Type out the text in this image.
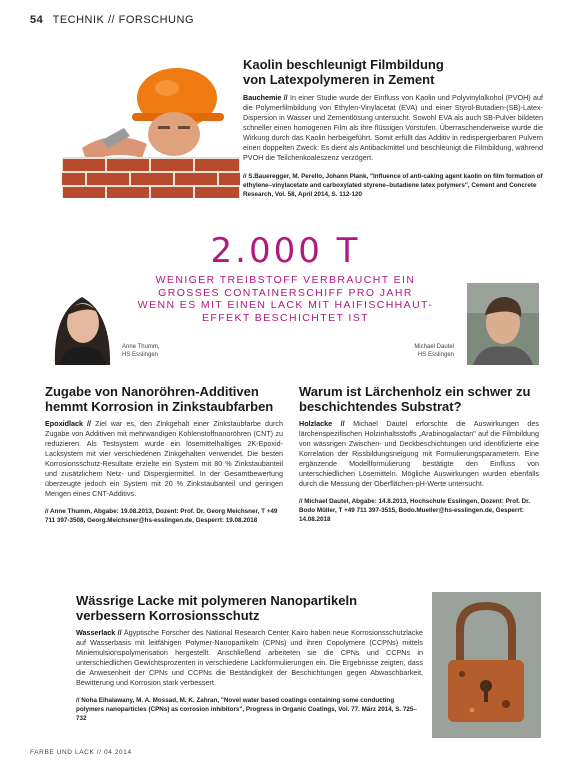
54 TECHNIK // FORSCHUNG
Kaolin beschleunigt Filmbildung
von Latexpolymeren in Zement

Bauchemie // In einer Studie wurde der Einfluss von Kaolin und Polyvinylalkohol (PVOH) auf die Polymerfilmbildung von Ethylen-Vinylacetat (EVA) und einer Styrol-Butadien-(SB)-Latex-Dispersion in Wasser und Zementlösung untersucht. Sowohl EVA als auch SB-Pulver bildeten schneller einen homogenen Film als ihre flüssigen Vorstufen. Überraschenderweise wurde die Wirkung durch das Kaolin herbeigeführt. Somit erfüllt das Additiv in redispergierbaren Pulvern einen doppelten Zweck: Es dient als Antibackmittel und beschleunigt die Filmbildung, während PVOH die Teilchenkoaleszenz verzögert.

// S.Baueregger, M. Perello, Johann Plank, "Influence of anti-caking agent kaolin on film formation of ethylene–vinylacetate and carboxylated styrene–butadiene latex polymers", Cement and Concrete Research, Vol. 58, April 2014, S. 112-120

2.000 T
WENIGER TREIBSTOFF VERBRAUCHT EIN
GROSSES CONTAINERSCHIFF PRO JAHR
WENN ES MIT EINEN LACK MIT HAIFISCHHAUT-
EFFEKT BESCHICHTET IST
Anne Thumm,
HS Esslingen
Michael Dautel
HS Esslingen
Zugabe von Nanoröhren-Additiven
hemmt Korrosion in Zinkstaubfarben

Epoxidlack // Ziel war es, den Zinkgehalt einer Zinkstaubfarbe durch Zugabe von Additiven mit mehrwandigen Kohlenstoffnanoröhren (CNT) zu reduzieren. Als Testsystem wurde ein lösemittelhaltiges 2K-Epoxid-Lacksystem mit vier verschiedenen Zinkgehalten verwendet. Die besten Korrosionsschutz-Resultate erzielte ein System mit 80 % Zinkstaubanteil und zusätzlichem Netz- und Dispergiermittel. In der Gesamtbewertung überzeugte jedoch ein System mit 20 % Zinkstaubanteil und geringen Mengen eines CNT-Additivs.

// Anne Thumm, Abgabe: 19.08.2013, Dozent: Prof. Dr. Georg Meichsner, T +49 711 397-3508, Georg.Meichsner@hs-esslingen.de, Gesperrt: 19.08.2018

Warum ist Lärchenholz ein schwer zu
beschichtendes Substrat?

Holzlacke // Michael Dautel erforschte die Auswirkungen des lärchenspezifischen Holzinhaltsstoffs „Arabinogalactan" auf die Filmbildung von wässrigen Zwischen- und Deckbeschichtungen und identifizierte eine Korrelation der Rissbildungsneigung mit Formulierungsparametern. Eine ergänzende Modellformulierung bestätigte den Einfluss von unterschiedlichen Lösemitteln. Mögliche Auswirkungen wurden ebenfalls durch die Messung der Oberflächen-pH-Werte untersucht.

// Michael Dautel, Abgabe: 14.8.2013, Hochschule Esslingen, Dozent: Prof. Dr. Bodo Müller, T +49 711 397-3515, Bodo.Mueller@hs-esslingen.de, Gesperrt: 14.08.2018

Wässrige Lacke mit polymeren Nanopartikeln
verbessern Korrosionsschutz

Wasserlack // Ägyptische Forscher des National Research Center Kairo haben neue Korrosionsschutzlacke auf Wasserbasis mit leitfähigen Polymer-Nanopartikeln (CPNs) und ihren Copolymere (CCPNs) mittels Miniemulsionspolymerisation hergestellt. Anschließend arbeiteten sie die CPNs und CCPNs in unterschiedlichen Gewichtsprozenten in verschiedene Lackformulierungen ein. Die Ergebnisse zeigten, dass die Anwesenheit der CPNs und CCPNs die Beständigkeit der Beschichtungen gegen Abwaschbarkeit, Bewitterung und Korrosion stark verbessert.

// Noha Elhalawany, M. A. Mossad, M. K. Zahran, "Novel water based coatings containing some conducting polymers nanoparticles (CPNs) as corrosion inhibitors", Progress in Organic Coatings, Vol. 77. März 2014, S. 725–732

FARBE UND LACK // 04.2014
